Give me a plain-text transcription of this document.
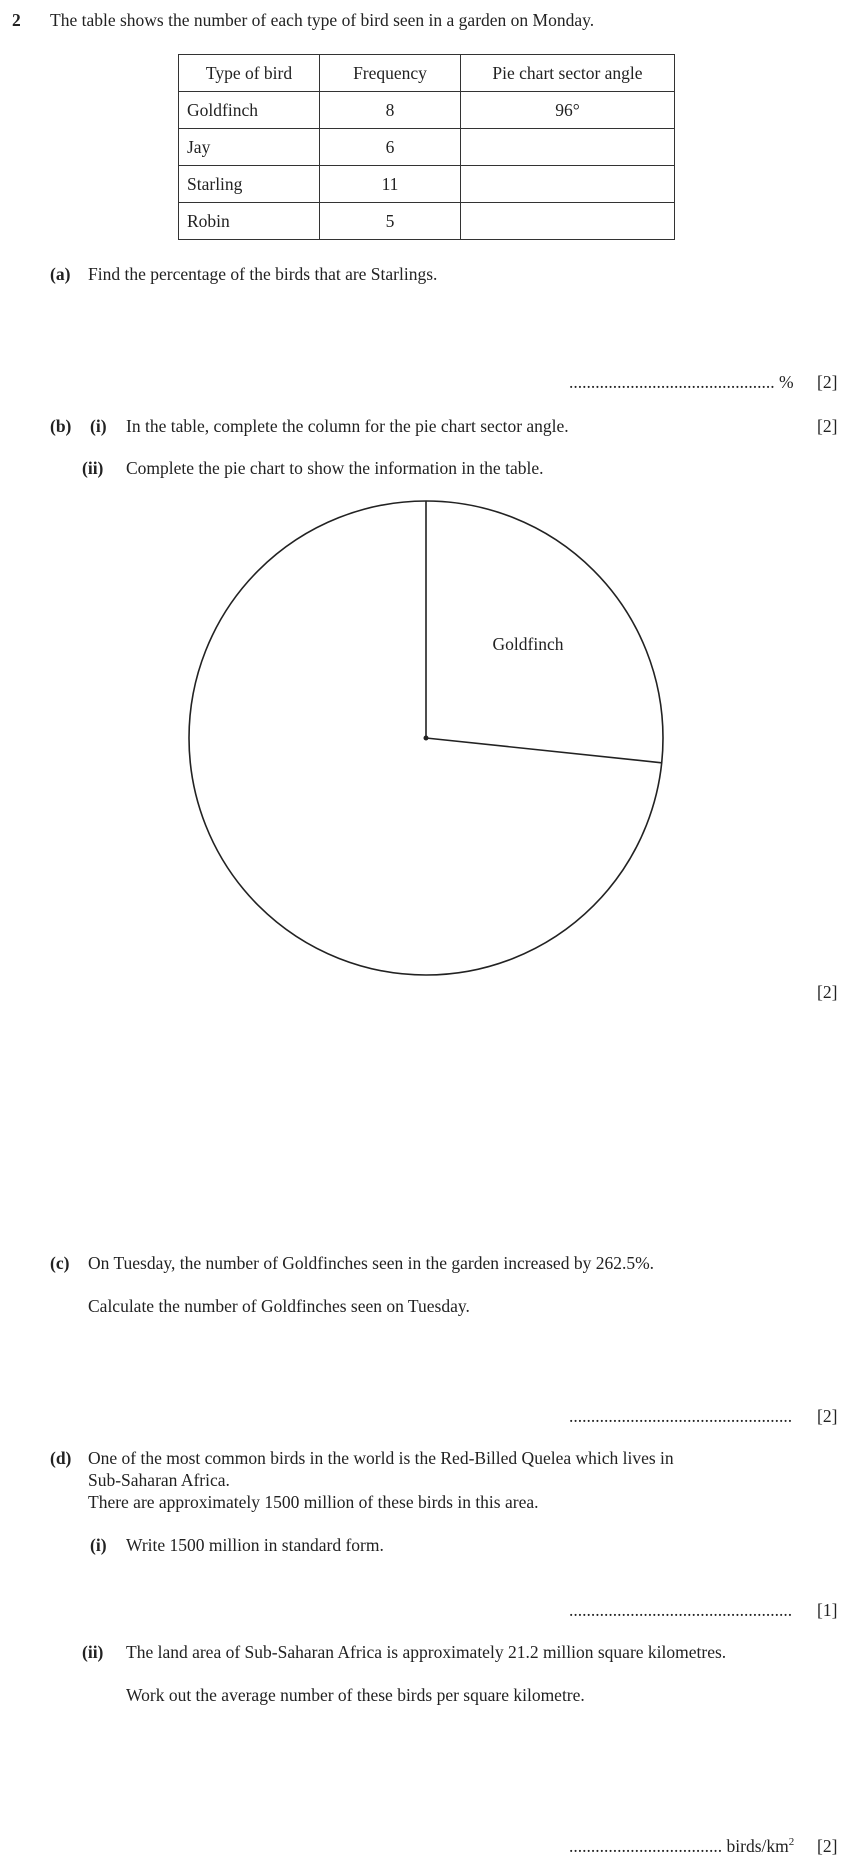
2 The table shows the number of each type of bird seen in a garden on Monday.
Type of bird	Frequency	Pie chart sector angle
Goldfinch	8	96°
Jay	6	
Starling	11	
Robin	5	
(a) Find the percentage of the birds that are Starlings.
............................................... % [2]
(b) (i) In the table, complete the column for the pie chart sector angle.	[2]
(ii) Complete the pie chart to show the information in the table.
Goldfinch
[2]
(c) On Tuesday, the number of Goldfinches seen in the garden increased by 262.5%.
Calculate the number of Goldfinches seen on Tuesday.
................................................... [2]
(d) One of the most common birds in the world is the Red-Billed Quelea which lives in
Sub-Saharan Africa.
There are approximately 1500 million of these birds in this area.
(i) Write 1500 million in standard form.
................................................... [1]
(ii) The land area of Sub-Saharan Africa is approximately 21.2 million square kilometres.
Work out the average number of these birds per square kilometre.
................................... birds/$km^2$ [2]
